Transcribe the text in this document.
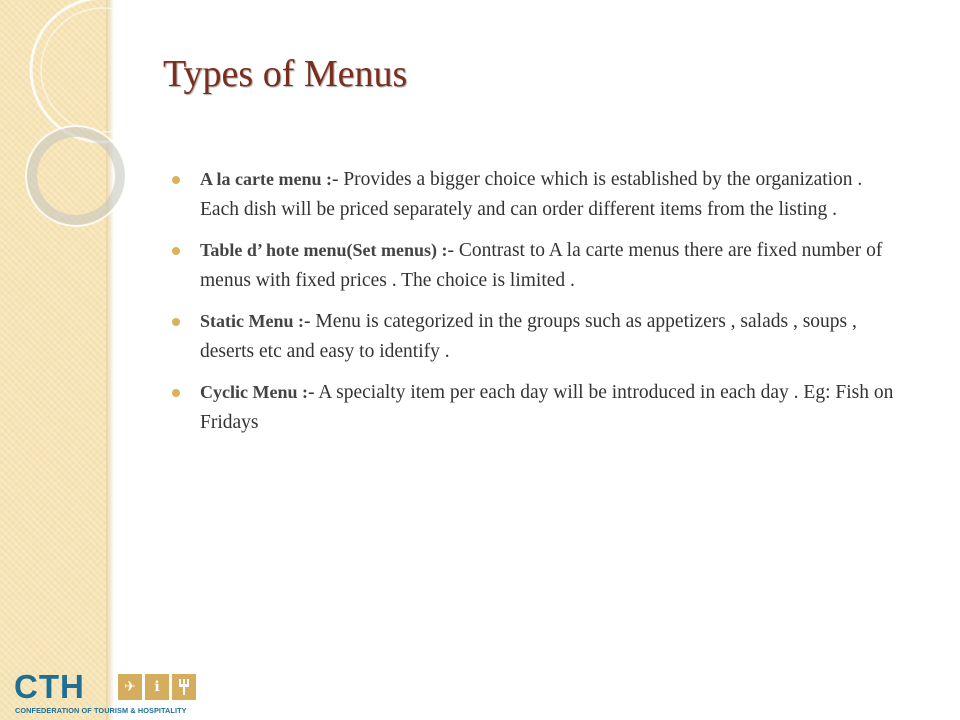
Types of Menus
A la carte menu :- Provides a bigger choice which is established by the organization . Each dish will be priced separately and can order different items from the listing .
Table d’ hote menu(Set menus) :- Contrast to A la carte menus there are fixed number of menus with fixed prices . The choice is limited .
Static Menu :- Menu is categorized in the groups such as appetizers , salads , soups , deserts etc and easy to identify .
Cyclic Menu :- A specialty item per each day will be introduced in each day . Eg: Fish on Fridays
CTH	✈	ℹ
CONFEDERATION OF TOURISM & HOSPITALITY
